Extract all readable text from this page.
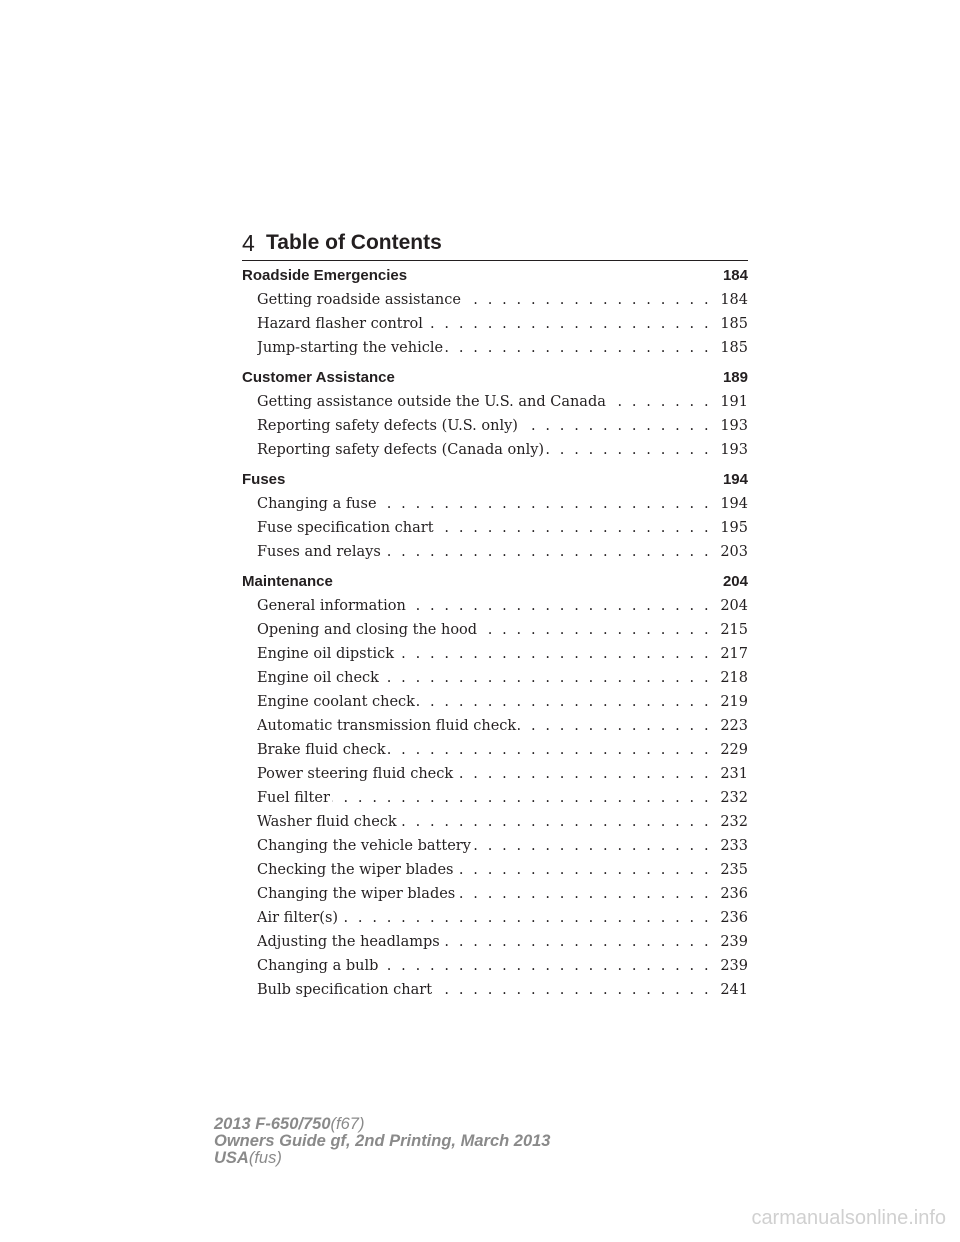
4 Table of Contents
Roadside Emergencies	184
. . .
Getting roadside assistance	184
. . .
Hazard flasher control	185
. . .
Jump-starting the vehicle	185
Customer Assistance	189
. . .
Getting assistance outside the U.S. and Canada	191
. . .
Reporting safety defects (U.S. only)	193
. . .
Reporting safety defects (Canada only)	193
Fuses	194
. . .
Changing a fuse	194
. . .
Fuse specification chart	195
. . .
Fuses and relays	203
Maintenance	204
. . .
General information	204
. . .
Opening and closing the hood	215
. . .
Engine oil dipstick	217
. . .
Engine oil check	218
. . .
Engine coolant check	219
. . .
Automatic transmission fluid check	223
. . .
Brake fluid check	229
. . .
Power steering fluid check	231
. . .
Fuel filter	232
. . .
Washer fluid check	232
. . .
Changing the vehicle battery	233
. . .
Checking the wiper blades	235
. . .
Changing the wiper blades	236
. . .
Air filter(s)	236
. . .
Adjusting the headlamps	239
. . .
Changing a bulb	239
. . .
Bulb specification chart	241
2013 F-650/750(f67)
Owners Guide gf, 2nd Printing, March 2013
USA(fus)
carmanualsonline.info
